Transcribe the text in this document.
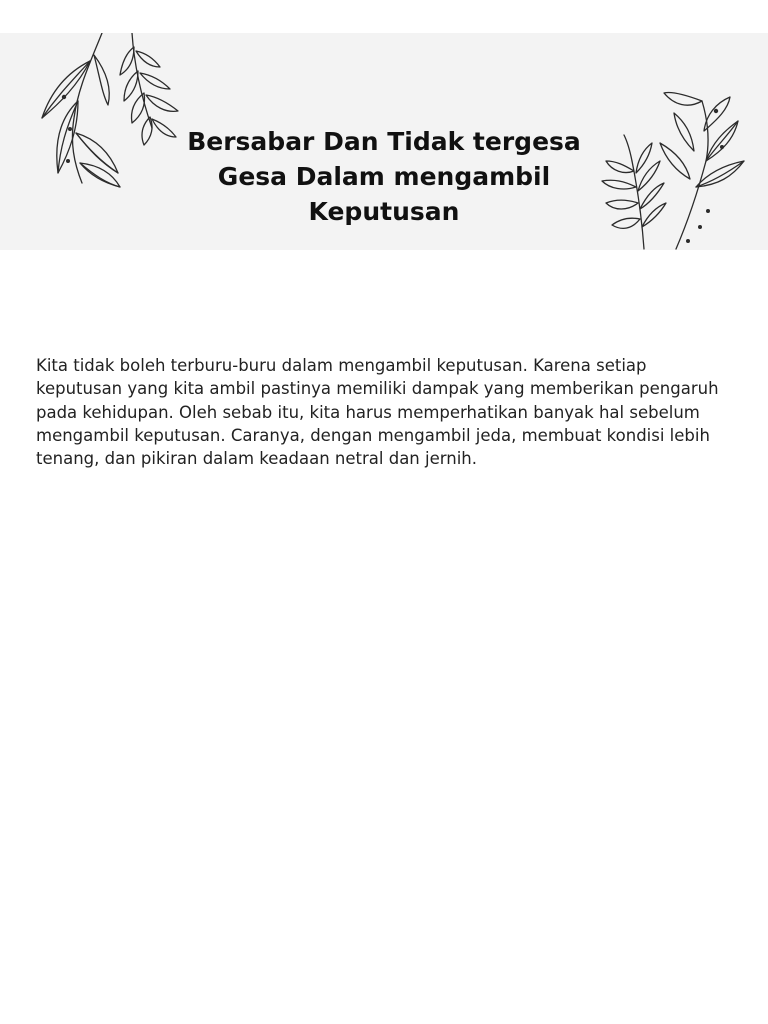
Bersabar Dan Tidak tergesa Gesa Dalam mengambil Keputusan

Kita tidak boleh terburu-buru dalam mengambil keputusan. Karena setiap keputusan yang kita ambil pastinya memiliki dampak yang memberikan pengaruh pada kehidupan. Oleh sebab itu, kita harus memperhatikan banyak hal sebelum mengambil keputusan. Caranya, dengan mengambil jeda, membuat kondisi lebih tenang, dan pikiran dalam keadaan netral dan jernih.
